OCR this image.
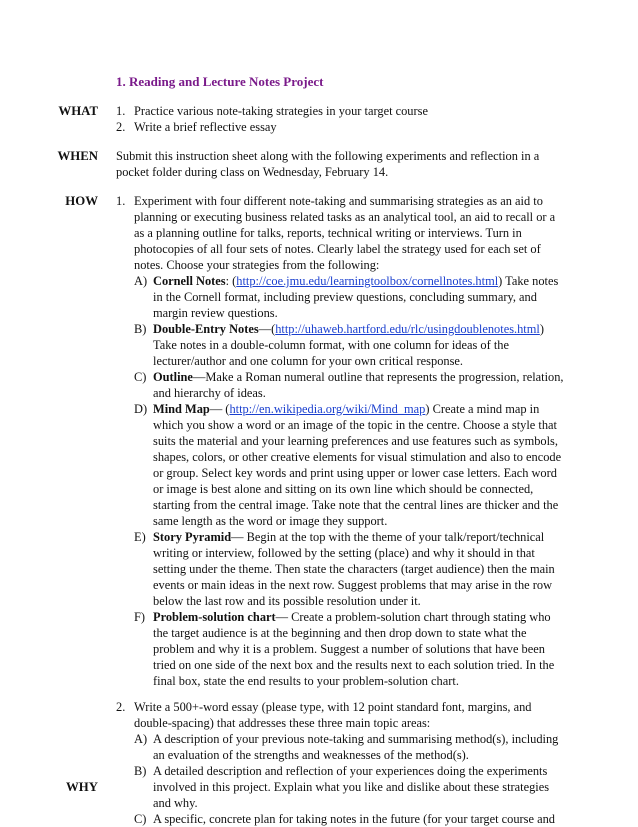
1. Reading and Lecture Notes Project
WHAT 1. Practice various note-taking strategies in your target course
2. Write a brief reflective essay
WHEN Submit this instruction sheet along with the following experiments and reflection in a
pocket folder during class on Wednesday, February 14.
HOW 1. Experiment with four different note-taking and summarising strategies as an aid to
planning or executing business related tasks as an analytical tool, an aid to recall or a
as a planning outline for talks, reports, technical writing or interviews. Turn in
photocopies of all four sets of notes. Clearly label the strategy used for each set of
notes. Choose your strategies from the following:
A) Cornell Notes: (http://coe.jmu.edu/learningtoolbox/cornellnotes.html) Take notes
in the Cornell format, including preview questions, concluding summary, and
margin review questions.
B) Double-Entry Notes—(http://uhaweb.hartford.edu/rlc/usingdoublenotes.html)
Take notes in a double-column format, with one column for ideas of the
lecturer/author and one column for your own critical response.
C) Outline—Make a Roman numeral outline that represents the progression, relation,
and hierarchy of ideas.
D) Mind Map— (http://en.wikipedia.org/wiki/Mind_map) Create a mind map in
which you show a word or an image of the topic in the centre. Choose a style that
suits the material and your learning preferences and use features such as symbols,
shapes, colors, or other creative elements for visual stimulation and also to encode
or group. Select key words and print using upper or lower case letters. Each word
or image is best alone and sitting on its own line which should be connected,
starting from the central image. Take note that the central lines are thicker and the
same length as the word or image they support.
E) Story Pyramid— Begin at the top with the theme of your talk/report/technical
writing or interview, followed by the setting (place) and why it should in that
setting under the theme. Then state the characters (target audience) then the main
events or main ideas in the next row. Suggest problems that may arise in the row
below the last row and its possible resolution under it.
F) Problem-solution chart— Create a problem-solution chart through stating who
the target audience is at the beginning and then drop down to state what the
problem and why it is a problem. Suggest a number of solutions that have been
tried on one side of the next box and the results next to each solution tried. In the
final box, state the end results to your problem-solution chart.
2. Write a 500+-word essay (please type, with 12 point standard font, margins, and
double-spacing) that addresses these three main topic areas:
A) A description of your previous note-taking and summarising method(s), including
an evaluation of the strengths and weaknesses of the method(s).
B) A detailed description and reflection of your experiences doing the experiments
involved in this project. Explain what you like and dislike about these strategies
and why.
WHY
C) A specific, concrete plan for taking notes in the future (for your target course and
